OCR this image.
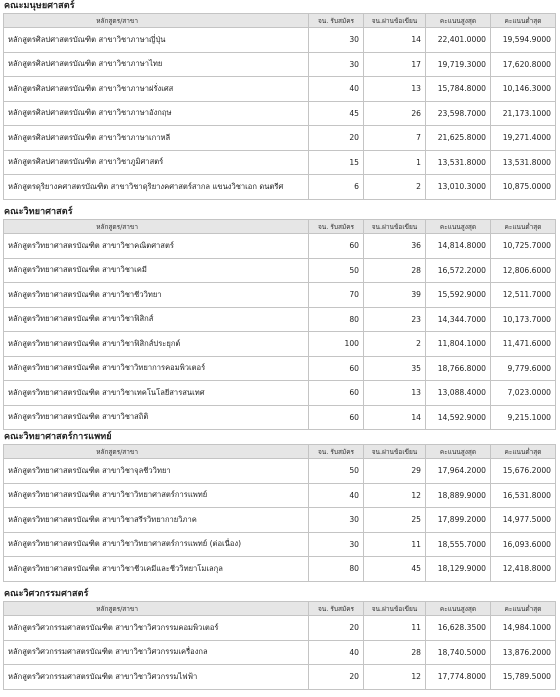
คณะมนุษยศาสตร์
หลักสูตร/สาขา	จน. รับสมัคร	จน.ผ่านข้อเขียน	คะแนนสูงสุด	คะแนนต่ำสุด
หลักสูตรศิลปศาสตรบัณฑิต สาขาวิชาภาษาญี่ปุ่น	30	14	22,401.0000	19,594.9000
หลักสูตรศิลปศาสตรบัณฑิต สาขาวิชาภาษาไทย	30	17	19,719.3000	17,620.8000
หลักสูตรศิลปศาสตรบัณฑิต สาขาวิชาภาษาฝรั่งเศส	40	13	15,784.8000	10,146.3000
หลักสูตรศิลปศาสตรบัณฑิต สาขาวิชาภาษาอังกฤษ	45	26	23,598.7000	21,173.1000
หลักสูตรศิลปศาสตรบัณฑิต สาขาวิชาภาษาเกาหลี	20	7	21,625.8000	19,271.4000
หลักสูตรศิลปศาสตรบัณฑิต สาขาวิชาภูมิศาสตร์	15	1	13,531.8000	13,531.8000
หลักสูตรดุริยางคศาสตรบัณฑิต สาขาวิชาดุริยางคศาสตร์สากล แขนงวิชาเอก ดนตรีศ	6	2	13,010.3000	10,875.0000
คณะวิทยาศาสตร์
หลักสูตร/สาขา	จน. รับสมัคร	จน.ผ่านข้อเขียน	คะแนนสูงสุด	คะแนนต่ำสุด
หลักสูตรวิทยาศาสตรบัณฑิต สาขาวิชาคณิตศาสตร์	60	36	14,814.8000	10,725.7000
หลักสูตรวิทยาศาสตรบัณฑิต สาขาวิชาเคมี	50	28	16,572.2000	12,806.6000
หลักสูตรวิทยาศาสตรบัณฑิต สาขาวิชาชีววิทยา	70	39	15,592.9000	12,511.7000
หลักสูตรวิทยาศาสตรบัณฑิต สาขาวิชาฟิสิกส์	80	23	14,344.7000	10,173.7000
หลักสูตรวิทยาศาสตรบัณฑิต สาขาวิชาฟิสิกส์ประยุกต์	100	2	11,804.1000	11,471.6000
หลักสูตรวิทยาศาสตรบัณฑิต สาขาวิชาวิทยาการคอมพิวเตอร์	60	35	18,766.8000	9,779.6000
หลักสูตรวิทยาศาสตรบัณฑิต สาขาวิชาเทคโนโลยีสารสนเทศ	60	13	13,088.4000	7,023.0000
หลักสูตรวิทยาศาสตรบัณฑิต สาขาวิชาสถิติ	60	14	14,592.9000	9,215.1000
คณะวิทยาศาสตร์การแพทย์
หลักสูตร/สาขา	จน. รับสมัคร	จน.ผ่านข้อเขียน	คะแนนสูงสุด	คะแนนต่ำสุด
หลักสูตรวิทยาศาสตรบัณฑิต สาขาวิชาจุลชีววิทยา	50	29	17,964.2000	15,676.2000
หลักสูตรวิทยาศาสตรบัณฑิต สาขาวิชาวิทยาศาสตร์การแพทย์	40	12	18,889.9000	16,531.8000
หลักสูตรวิทยาศาสตรบัณฑิต สาขาวิชาสรีรวิทยากายวิภาค	30	25	17,899.2000	14,977.5000
หลักสูตรวิทยาศาสตรบัณฑิต สาขาวิชาวิทยาศาสตร์การแพทย์ (ต่อเนื่อง)	30	11	18,555.7000	16,093.6000
หลักสูตรวิทยาศาสตรบัณฑิต สาขาวิชาชีวเคมีและชีววิทยาโมเลกุล	80	45	18,129.9000	12,418.8000
คณะวิศวกรรมศาสตร์
หลักสูตร/สาขา	จน. รับสมัคร	จน.ผ่านข้อเขียน	คะแนนสูงสุด	คะแนนต่ำสุด
หลักสูตรวิศวกรรมศาสตรบัณฑิต สาขาวิชาวิศวกรรมคอมพิวเตอร์	20	11	16,628.3500	14,984.1000
หลักสูตรวิศวกรรมศาสตรบัณฑิต สาขาวิชาวิศวกรรมเครื่องกล	40	28	18,740.5000	13,876.2000
หลักสูตรวิศวกรรมศาสตรบัณฑิต สาขาวิชาวิศวกรรมไฟฟ้า	20	12	17,774.8000	15,789.5000
